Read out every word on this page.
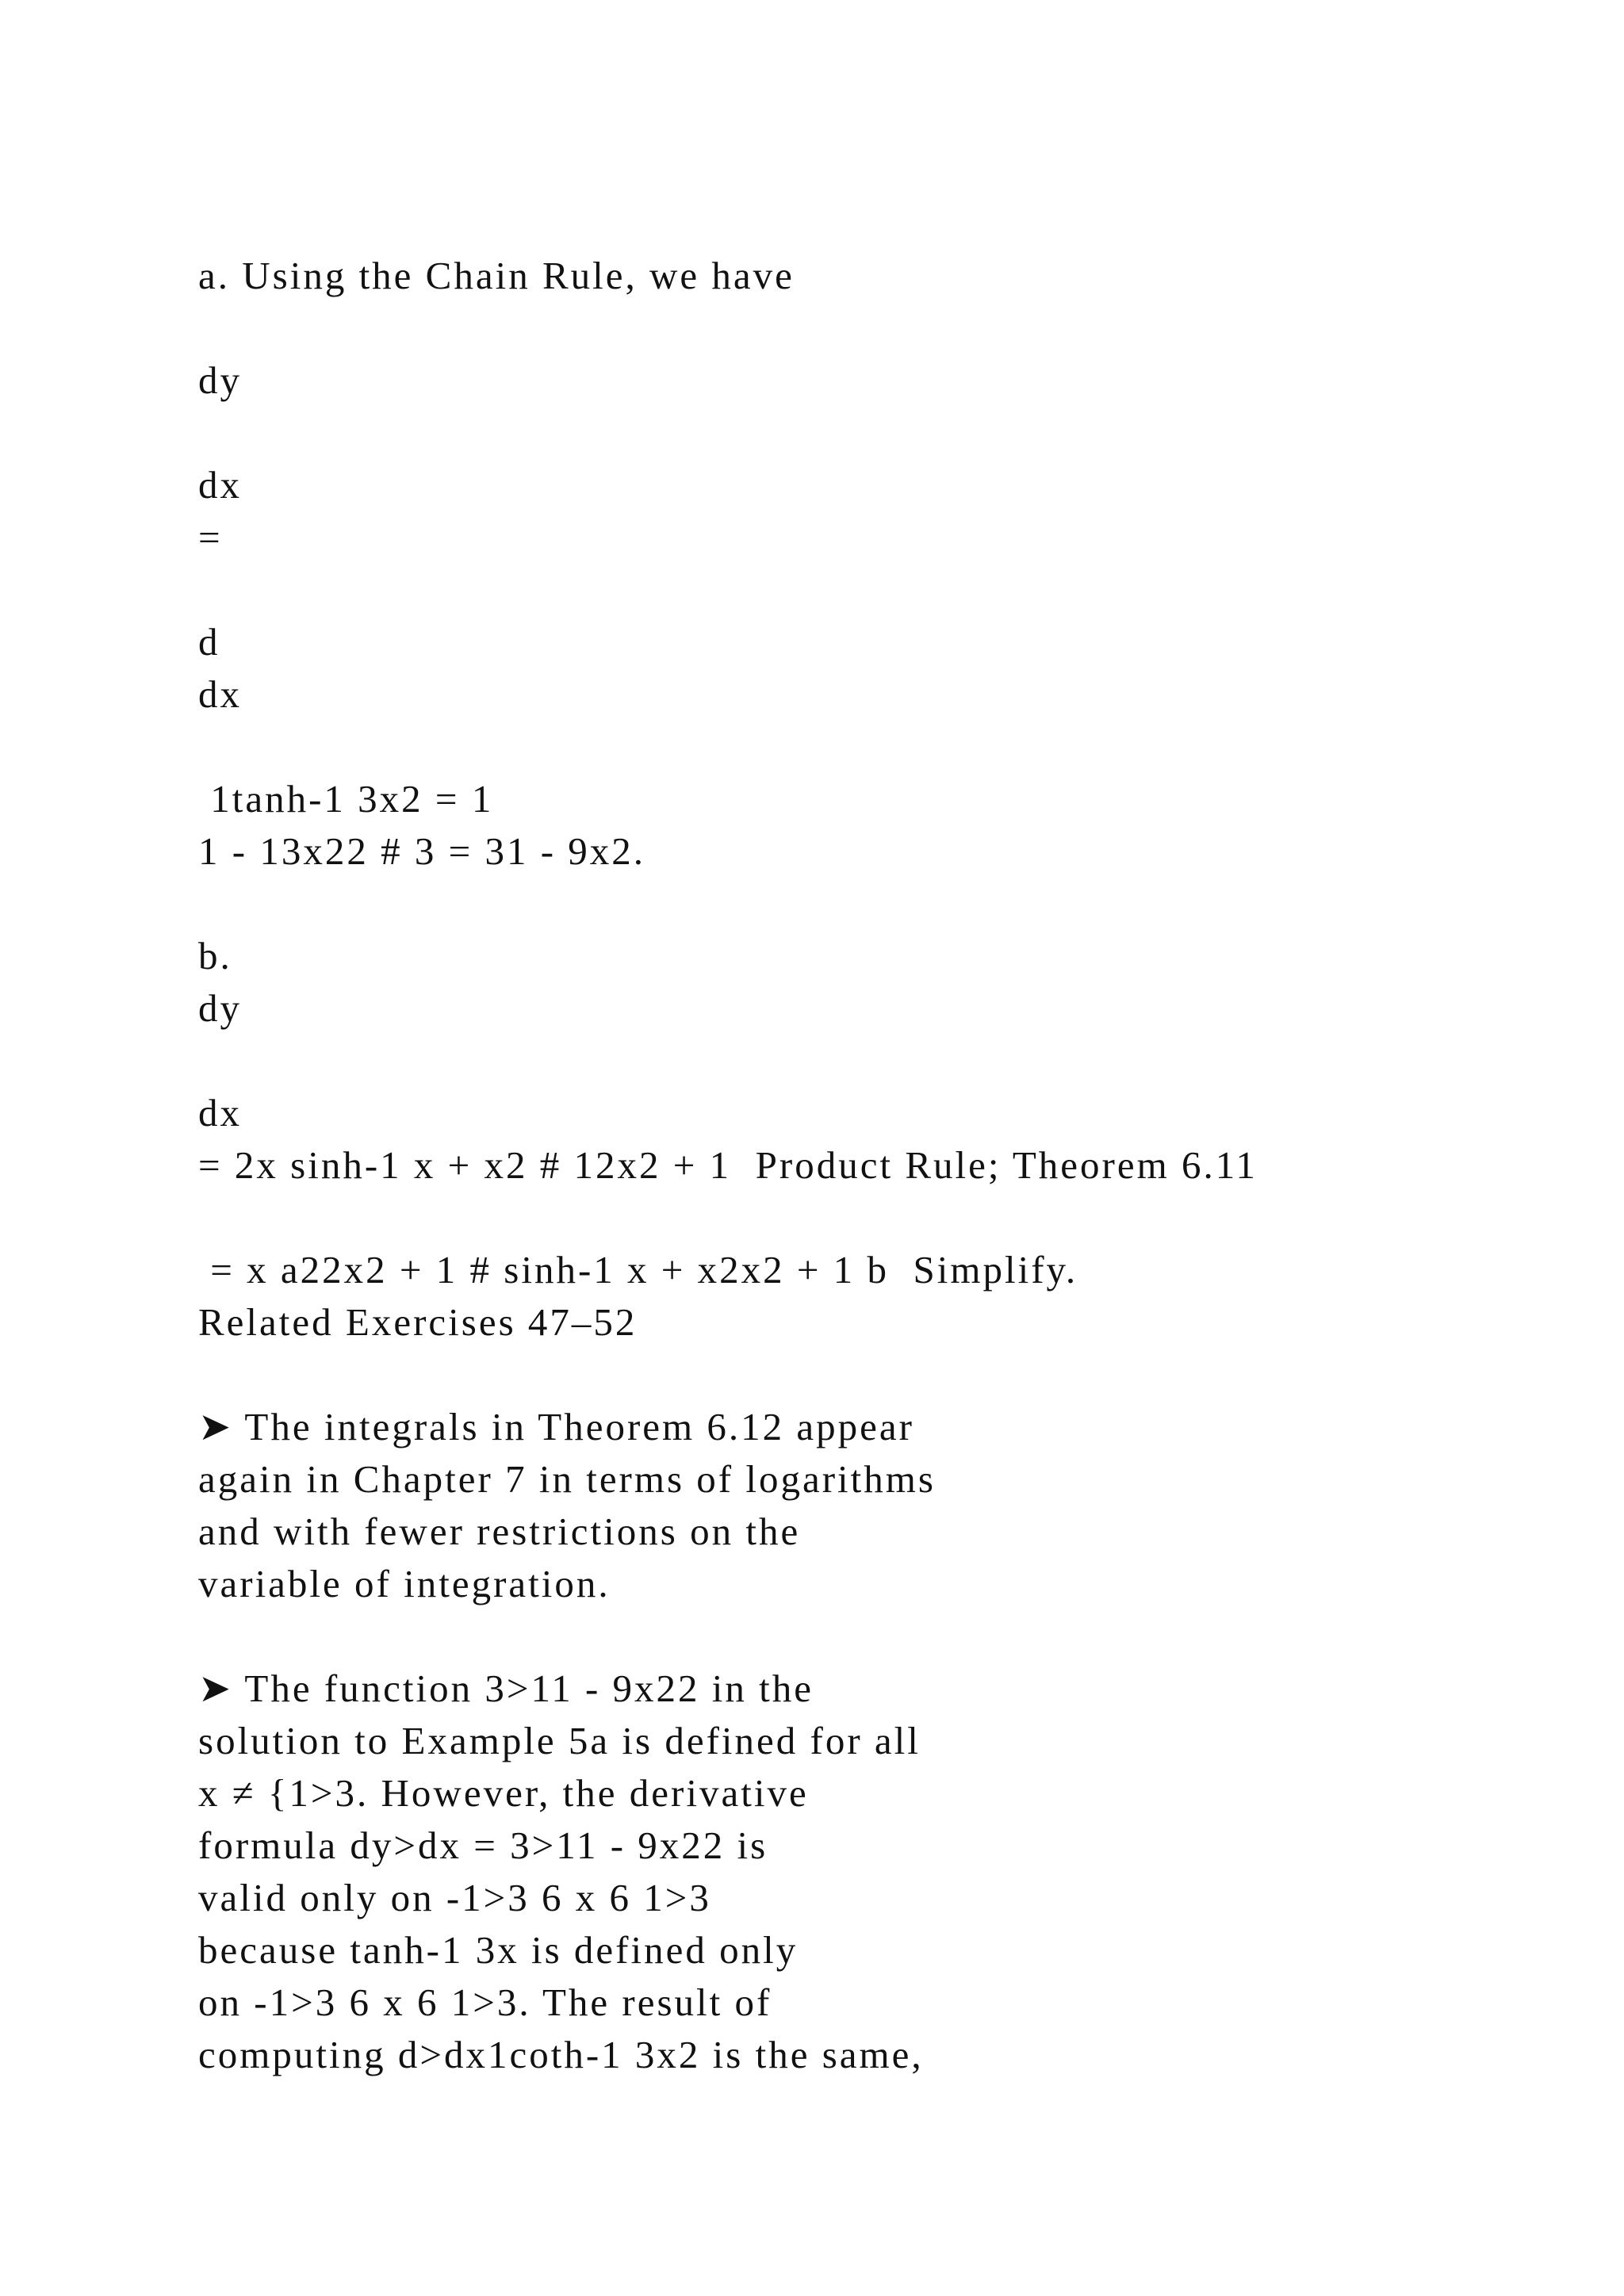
a. Using the Chain Rule, we have

dy

dx

=

d

dx

1tanh-1 3x2 = 1

1 - 13x22 # 3 = 31 - 9x2.

b.

dy

dx

= 2x sinh-1 x + x2 # 12x2 + 1  Product Rule; Theorem 6.11

= x a22x2 + 1 # sinh-1 x + x2x2 + 1 b  Simplify.

Related Exercises 47–52

➤ The integrals in Theorem 6.12 appear

again in Chapter 7 in terms of logarithms

and with fewer restrictions on the

variable of integration.

➤ The function 3>11 - 9x22 in the

solution to Example 5a is defined for all

x ≠ {1>3. However, the derivative

formula dy>dx = 3>11 - 9x22 is

valid only on -1>3 6 x 6 1>3

because tanh-1 3x is defined only

on -1>3 6 x 6 1>3. The result of

computing d>dx1coth-1 3x2 is the same,
